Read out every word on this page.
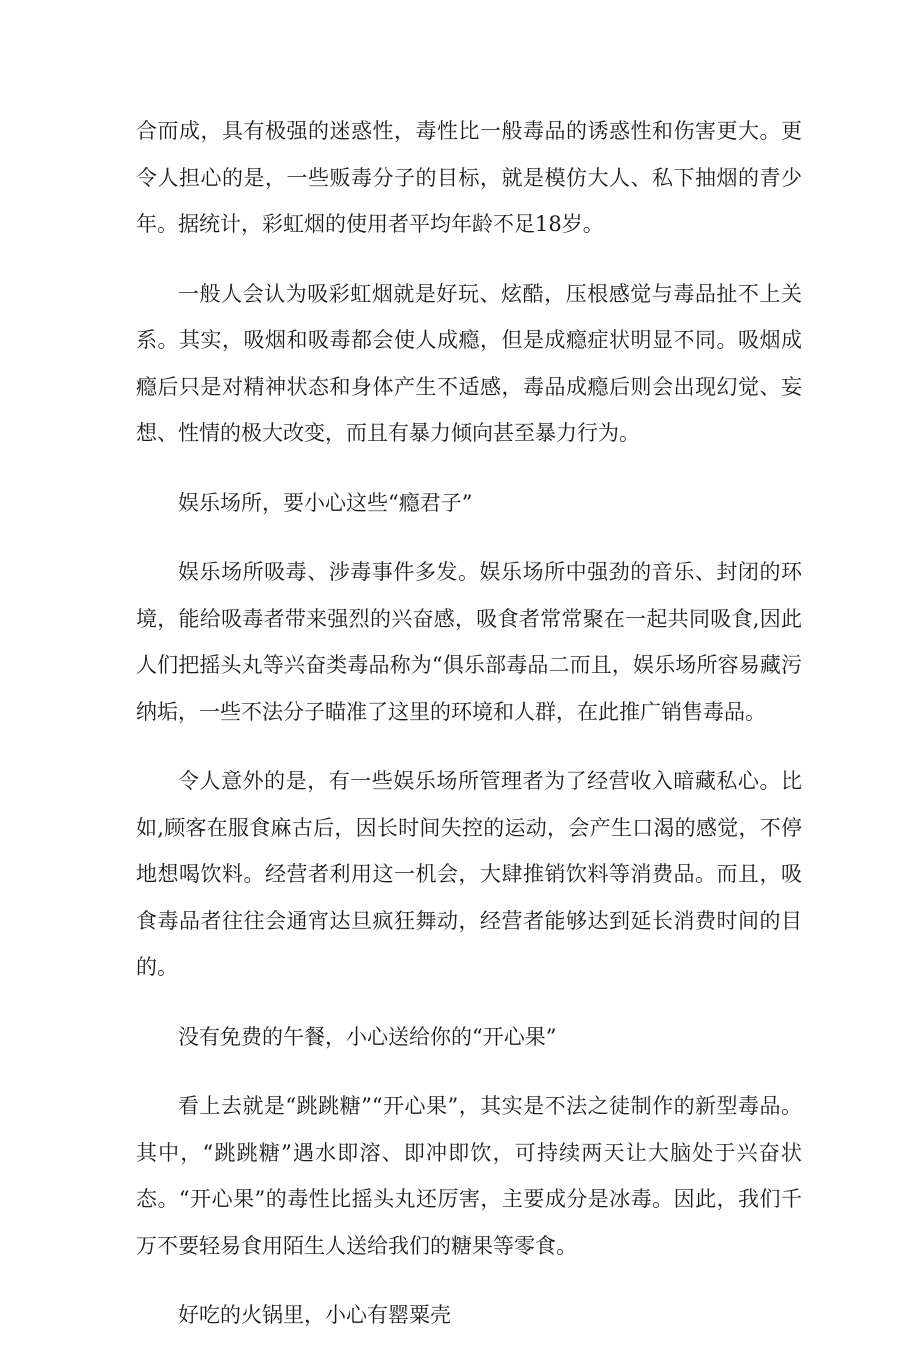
合而成，具有极强的迷惑性，毒性比一般毒品的诱惑性和伤害更大。更令人担心的是，一些贩毒分子的目标，就是模仿大人、私下抽烟的青少年。据统计，彩虹烟的使用者平均年龄不足18岁。

一般人会认为吸彩虹烟就是好玩、炫酷，压根感觉与毒品扯不上关系。其实，吸烟和吸毒都会使人成瘾，但是成瘾症状明显不同。吸烟成瘾后只是对精神状态和身体产生不适感，毒品成瘾后则会出现幻觉、妄想、性情的极大改变，而且有暴力倾向甚至暴力行为。

娱乐场所，要小心这些“瘾君子”

娱乐场所吸毒、涉毒事件多发。娱乐场所中强劲的音乐、封闭的环境，能给吸毒者带来强烈的兴奋感，吸食者常常聚在一起共同吸食,因此人们把摇头丸等兴奋类毒品称为“俱乐部毒品二而且，娱乐场所容易藏污纳垢，一些不法分子瞄准了这里的环境和人群，在此推广销售毒品。

令人意外的是，有一些娱乐场所管理者为了经营收入暗藏私心。比如,顾客在服食麻古后，因长时间失控的运动，会产生口渴的感觉，不停地想喝饮料。经营者利用这一机会，大肆推销饮料等消费品。而且，吸食毒品者往往会通宵达旦疯狂舞动，经营者能够达到延长消费时间的目的。

没有免费的午餐，小心送给你的“开心果”

看上去就是“跳跳糖”“开心果”，其实是不法之徒制作的新型毒品。其中，“跳跳糖”遇水即溶、即冲即饮，可持续两天让大脑处于兴奋状态。“开心果”的毒性比摇头丸还厉害，主要成分是冰毒。因此，我们千万不要轻易食用陌生人送给我们的糖果等零食。

好吃的火锅里，小心有罂粟壳
